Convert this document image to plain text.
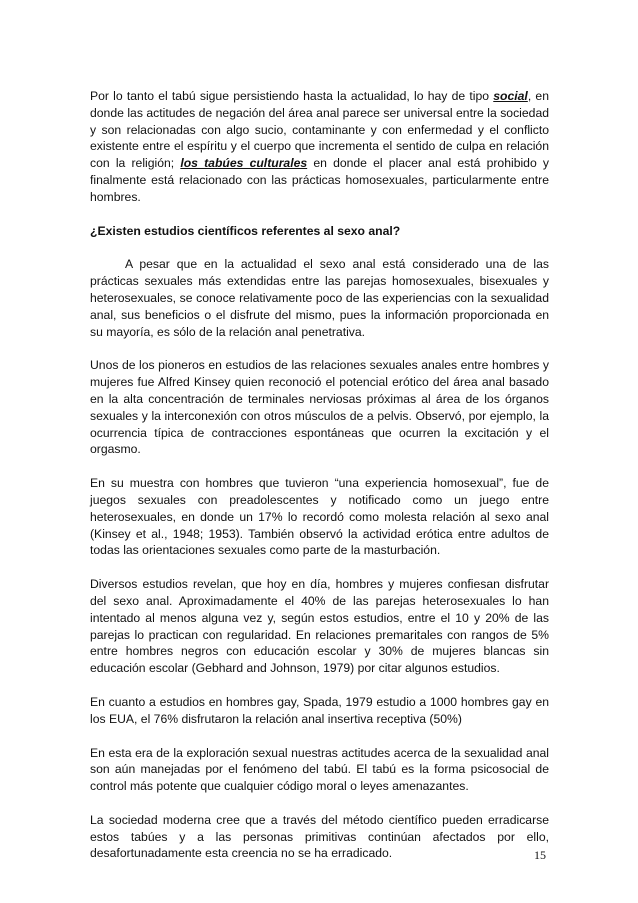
Por lo tanto el tabú sigue persistiendo hasta la actualidad, lo hay de tipo social, en donde las actitudes de negación del área anal parece ser universal entre la sociedad y son relacionadas con algo sucio, contaminante y con enfermedad y el conflicto existente entre el espíritu y el cuerpo que incrementa el sentido de culpa en relación con la religión; los tabúes culturales en donde el placer anal está prohibido y finalmente está relacionado con las prácticas homosexuales, particularmente entre hombres.

¿Existen estudios científicos referentes al sexo anal?

A pesar que en la actualidad el sexo anal está considerado una de las prácticas sexuales más extendidas entre las parejas homosexuales, bisexuales y heterosexuales, se conoce relativamente poco de las experiencias con la sexualidad anal, sus beneficios o el disfrute del mismo, pues la información proporcionada en su mayoría, es sólo de la relación anal penetrativa.

Unos de los pioneros en estudios de las relaciones sexuales anales entre hombres y mujeres fue Alfred Kinsey quien reconoció el potencial erótico del área anal basado en la alta concentración de terminales nerviosas próximas al área de los órganos sexuales y la interconexión con otros músculos de a pelvis. Observó, por ejemplo, la ocurrencia típica de contracciones espontáneas que ocurren la excitación y el orgasmo.

En su muestra con hombres que tuvieron “una experiencia homosexual”, fue de juegos sexuales con preadolescentes y notificado como un juego entre heterosexuales, en donde un 17% lo recordó como molesta relación al sexo anal (Kinsey et al., 1948; 1953). También observó la actividad erótica entre adultos de todas las orientaciones sexuales como parte de la masturbación.

Diversos estudios revelan, que hoy en día, hombres y mujeres confiesan disfrutar del sexo anal. Aproximadamente el 40% de las parejas heterosexuales lo han intentado al menos alguna vez y, según estos estudios, entre el 10 y 20% de las parejas lo practican con regularidad. En relaciones premaritales con rangos de 5% entre hombres negros con educación escolar y 30% de mujeres blancas sin educación escolar (Gebhard and Johnson, 1979) por citar algunos estudios.

En cuanto a estudios en hombres gay, Spada, 1979 estudio a 1000 hombres gay en los EUA, el 76% disfrutaron la relación anal insertiva receptiva (50%)

En esta era de la exploración sexual nuestras actitudes acerca de la sexualidad anal son aún manejadas por el fenómeno del tabú. El tabú es la forma psicosocial de control más potente que cualquier código moral o leyes amenazantes.

La sociedad moderna cree que a través del método científico pueden erradicarse estos tabúes y a las personas primitivas continúan afectados por ello, desafortunadamente esta creencia no se ha erradicado.	15
